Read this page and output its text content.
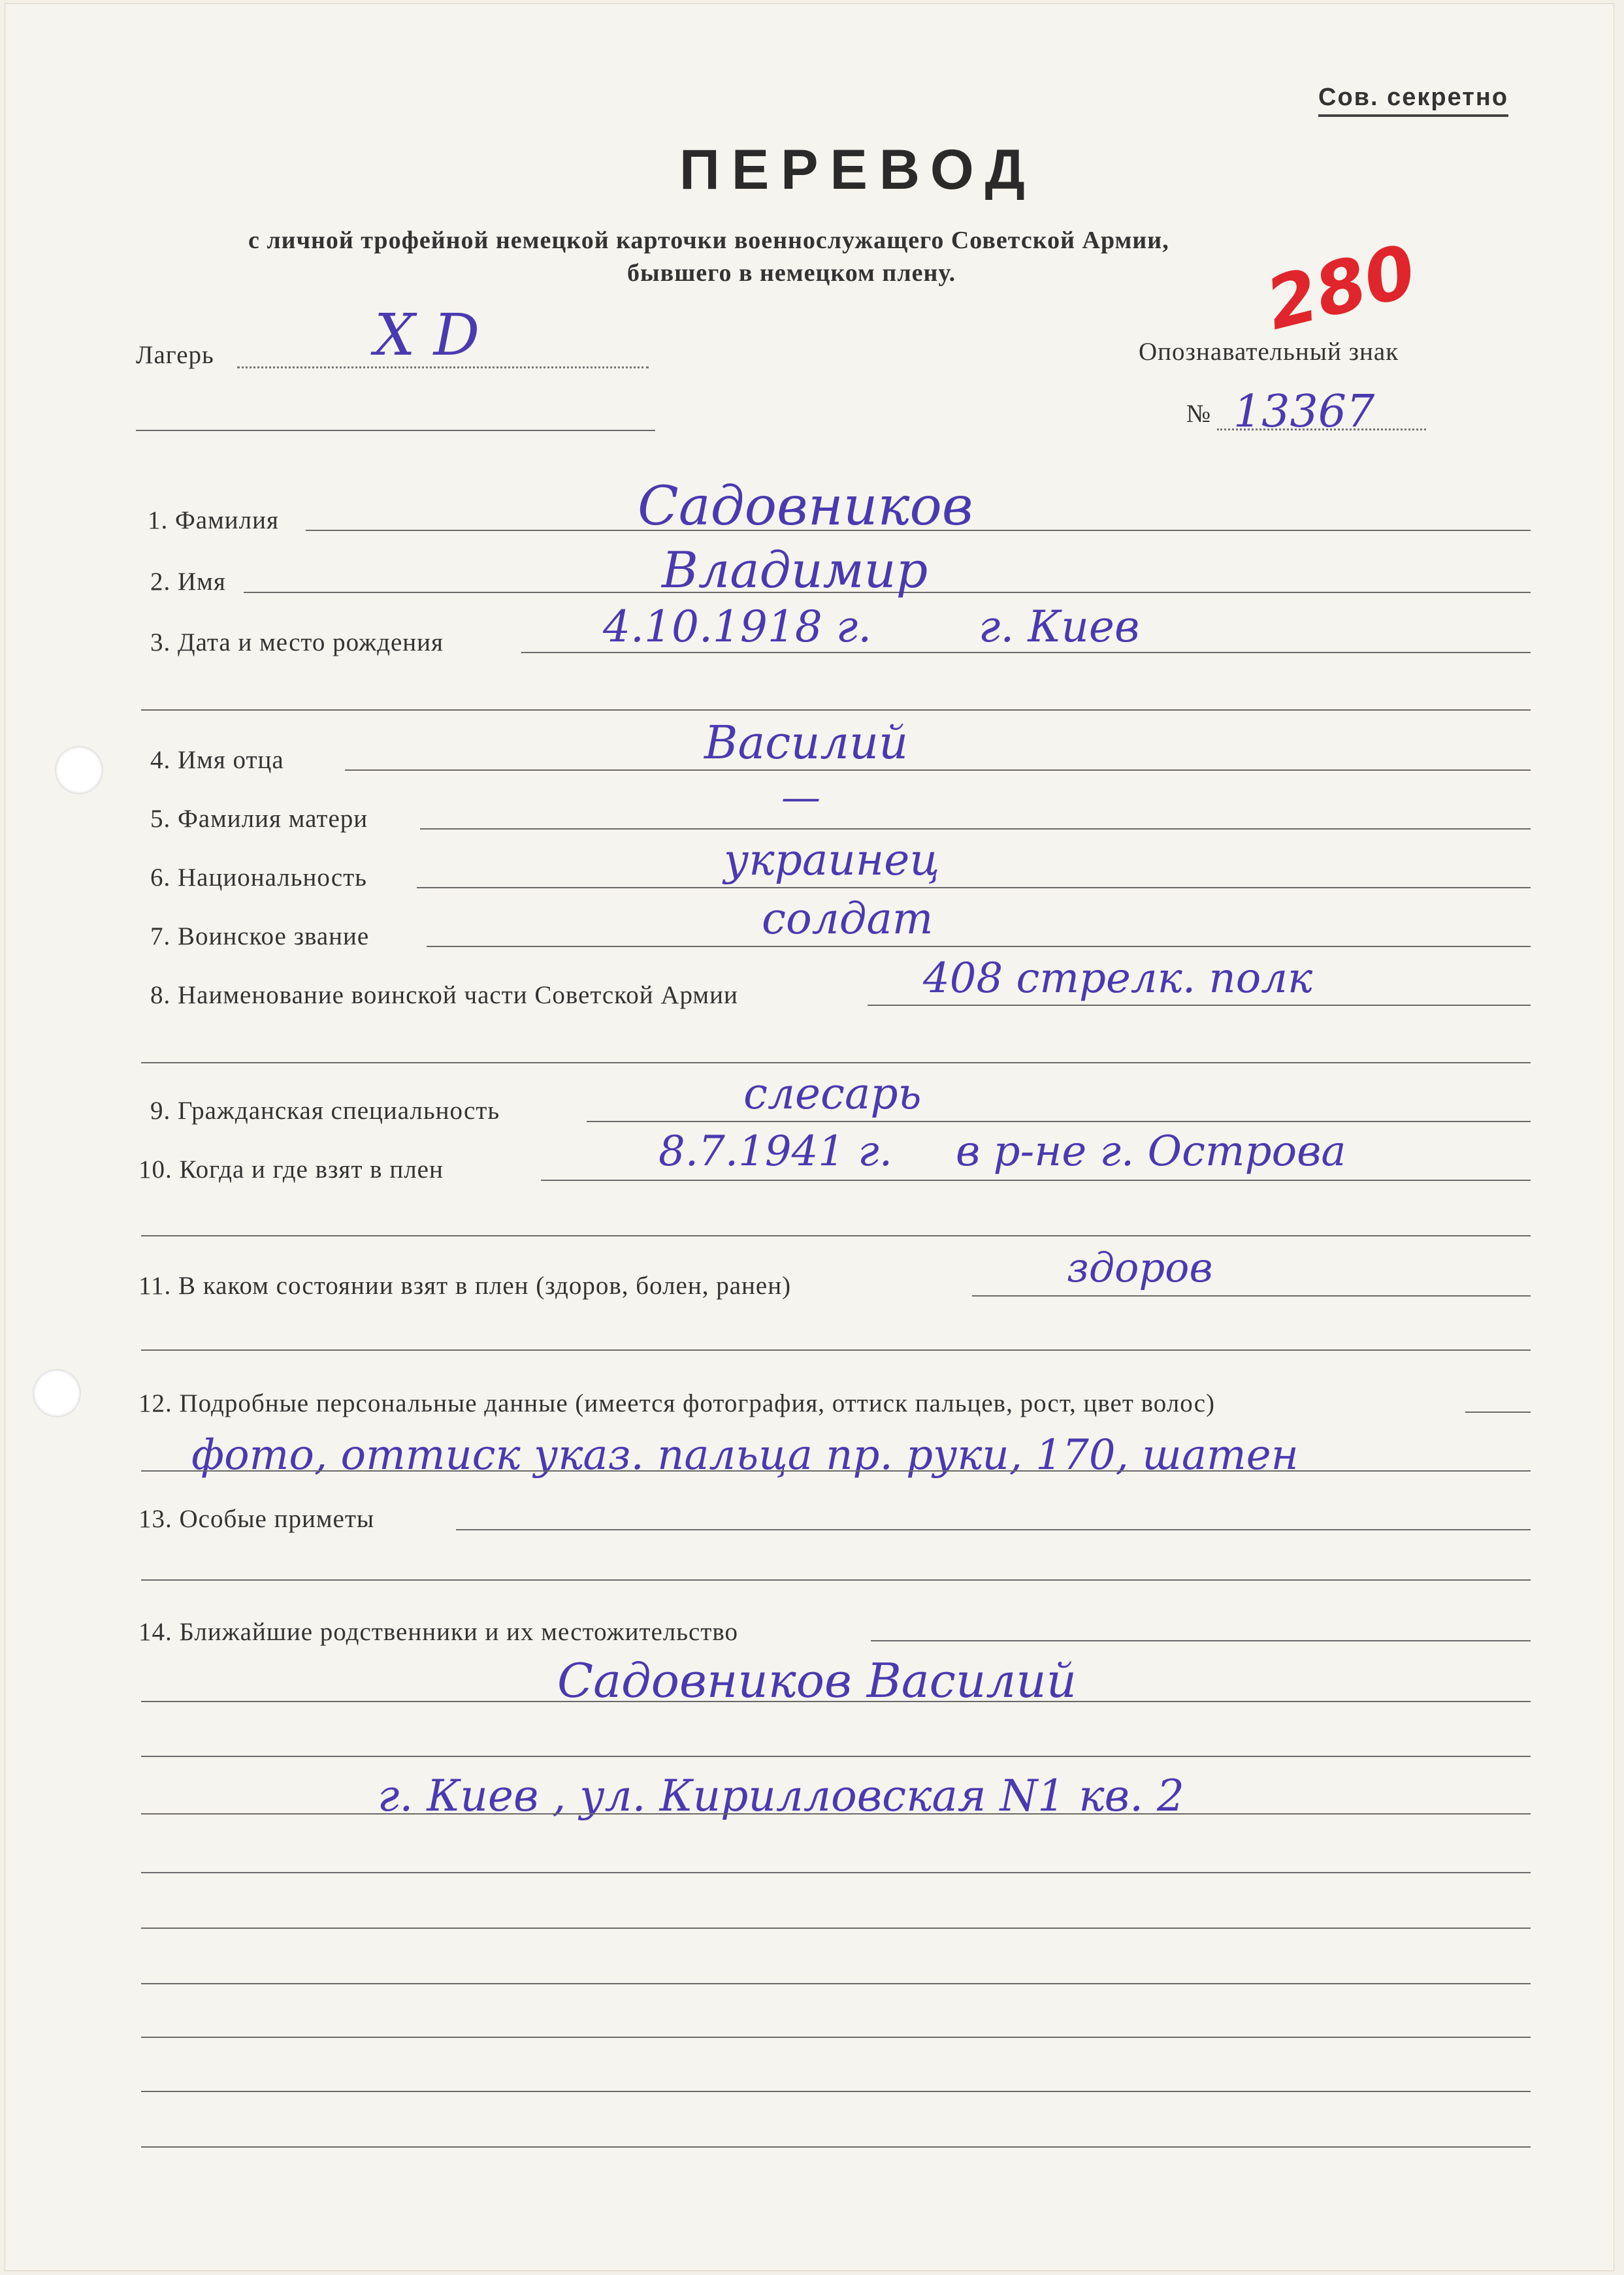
Сов. секретно
ПЕРЕВОД
с личной трофейной немецкой карточки военнослужащего Советской Армии,
бывшего в немецком плену.	280
Лагерь	X D	Опознавательный знак
№ 13367
1. Фамилия	Садовников
2. Имя	Владимир
3. Дата и место рождения	4.10.1918 г. г. Киев
4. Имя отца	Василий
5. Фамилия матери	—
6. Национальность	украинец
7. Воинское звание	солдат
8. Наименование воинской части Советской Армии	408 стрелк. полк
9. Гражданская специальность	слесарь
10. Когда и где взят в плен	8.7.1941 г. в р-не г. Острова
11. В каком состоянии взят в плен (здоров, болен, ранен)	здоров
12. Подробные персональные данные (имеется фотография, оттиск пальцев, рост, цвет волос)
фото, оттиск указ. пальца пр. руки, 170, шатен
13. Особые приметы
14. Ближайшие родственники и их местожительство
Садовников Василий
г. Киев , ул. Кирилловская N1 кв. 2
